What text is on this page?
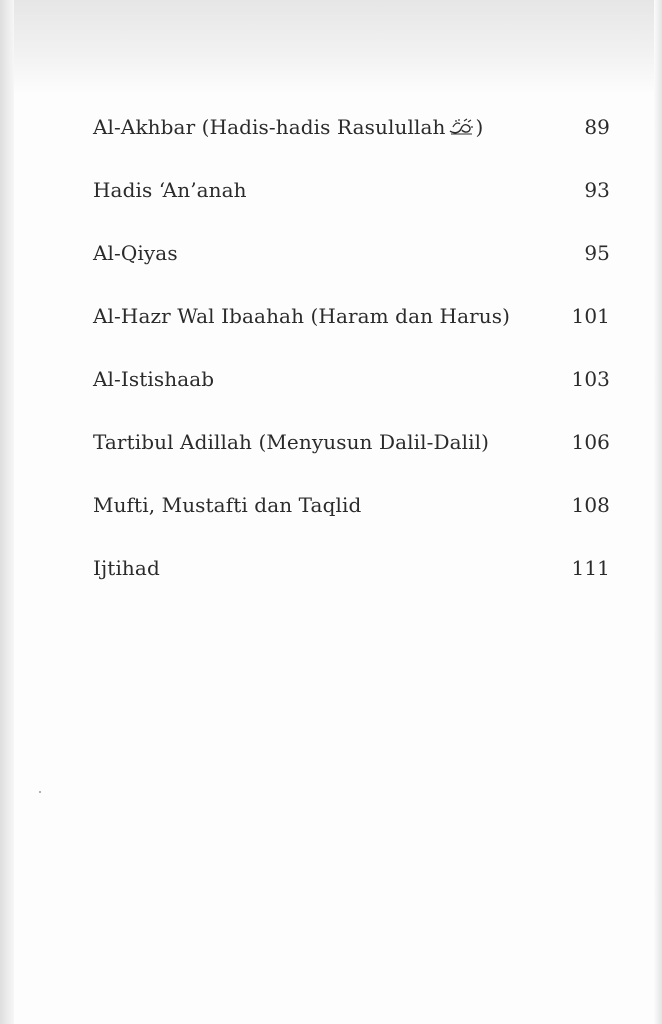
Al-Akhbar (Hadis-hadis Rasulullah )	89
Hadis ‘An’anah	93
Al-Qiyas	95
Al-Hazr Wal Ibaahah (Haram dan Harus)	101
Al-Istishaab	103
Tartibul Adillah (Menyusun Dalil-Dalil)	106
Mufti, Mustafti dan Taqlid	108
Ijtihad	111
